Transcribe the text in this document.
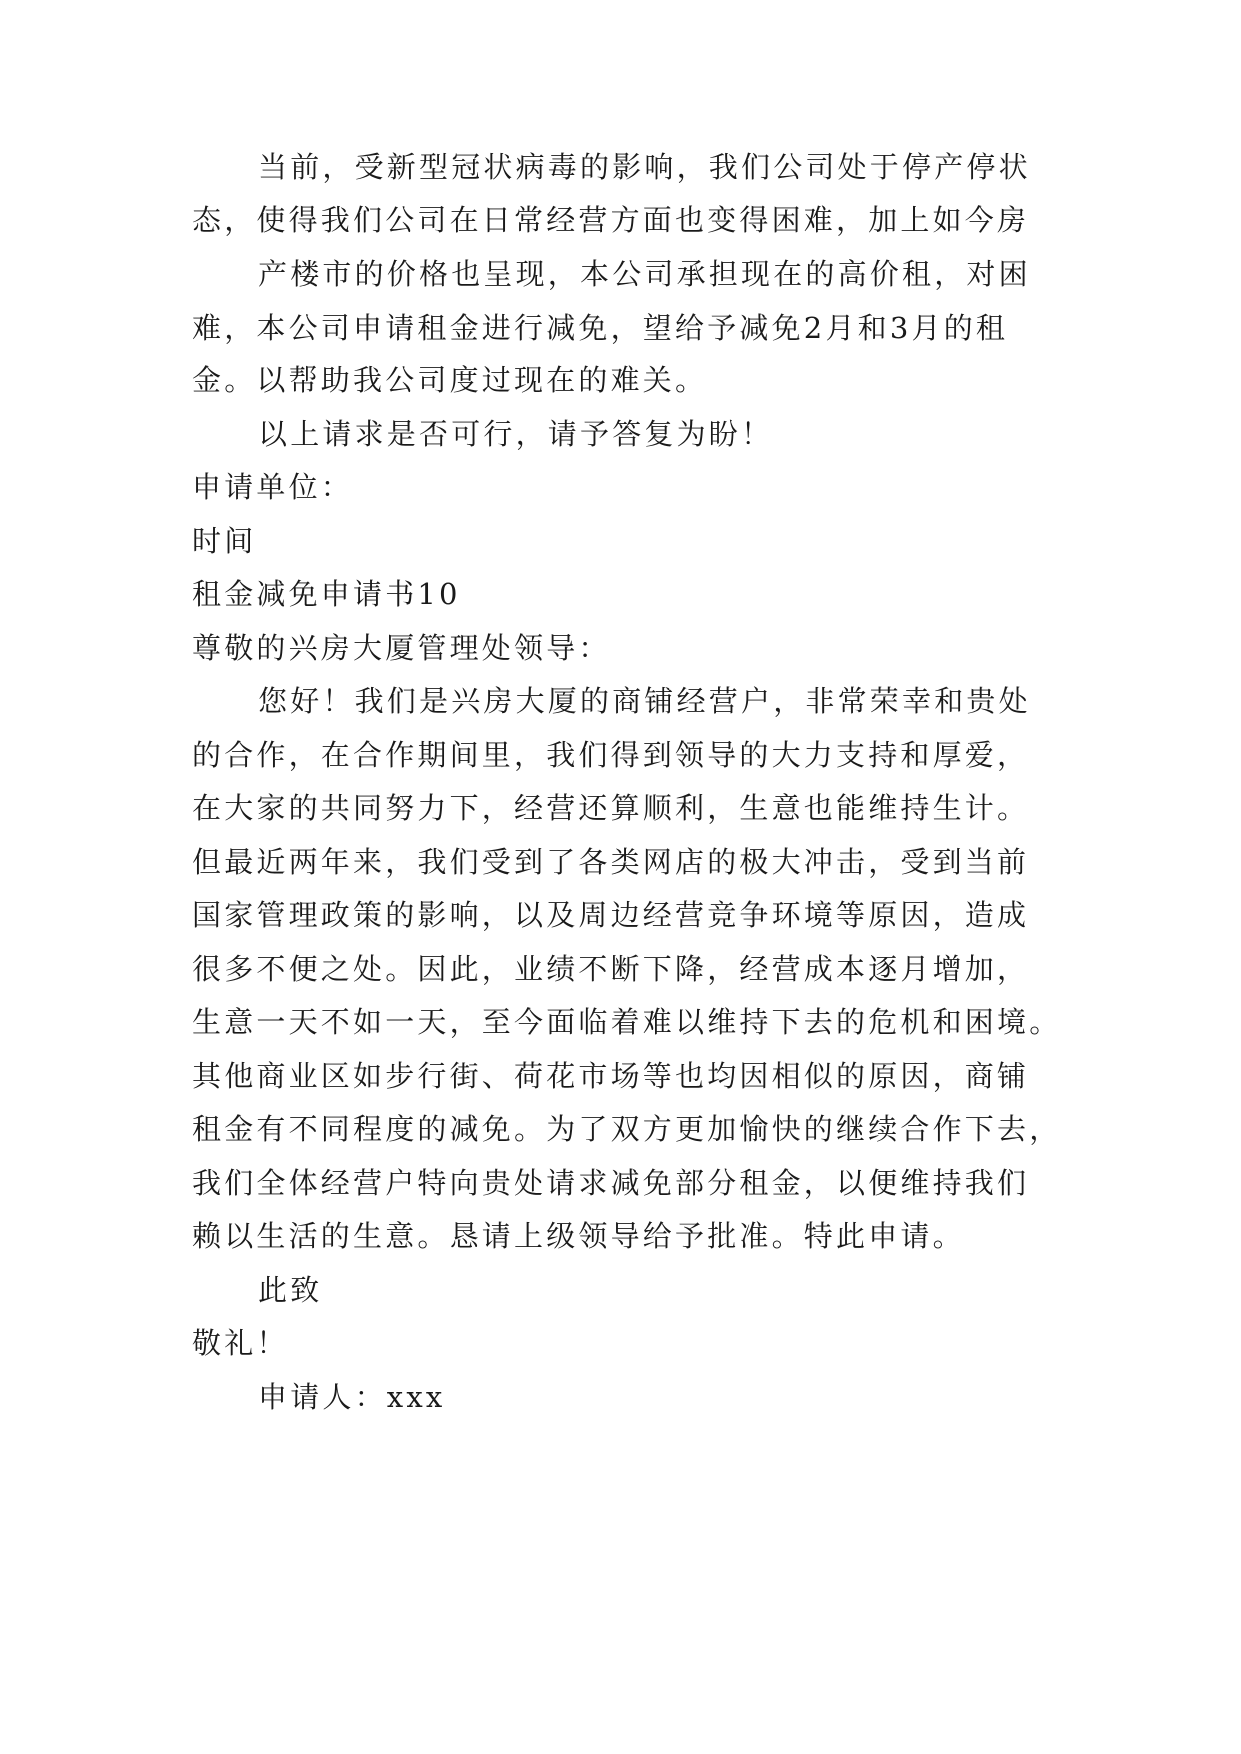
当前，受新型冠状病毒的影响，我们公司处于停产停状
态，使得我们公司在日常经营方面也变得困难，加上如今房
产楼市的价格也呈现，本公司承担现在的高价租，对困
难，本公司申请租金进行减免，望给予减免2月和3月的租
金。以帮助我公司度过现在的难关。
以上请求是否可行，请予答复为盼！
申请单位：
时间
租金减免申请书10
尊敬的兴房大厦管理处领导：
您好！我们是兴房大厦的商铺经营户，非常荣幸和贵处
的合作，在合作期间里，我们得到领导的大力支持和厚爱，
在大家的共同努力下，经营还算顺利，生意也能维持生计。
但最近两年来，我们受到了各类网店的极大冲击，受到当前
国家管理政策的影响，以及周边经营竞争环境等原因，造成
很多不便之处。因此，业绩不断下降，经营成本逐月增加，
生意一天不如一天，至今面临着难以维持下去的危机和困境。
其他商业区如步行街、荷花市场等也均因相似的原因，商铺
租金有不同程度的减免。为了双方更加愉快的继续合作下去，
我们全体经营户特向贵处请求减免部分租金，以便维持我们
赖以生活的生意。恳请上级领导给予批准。特此申请。
此致
敬礼！
申请人：xxx
